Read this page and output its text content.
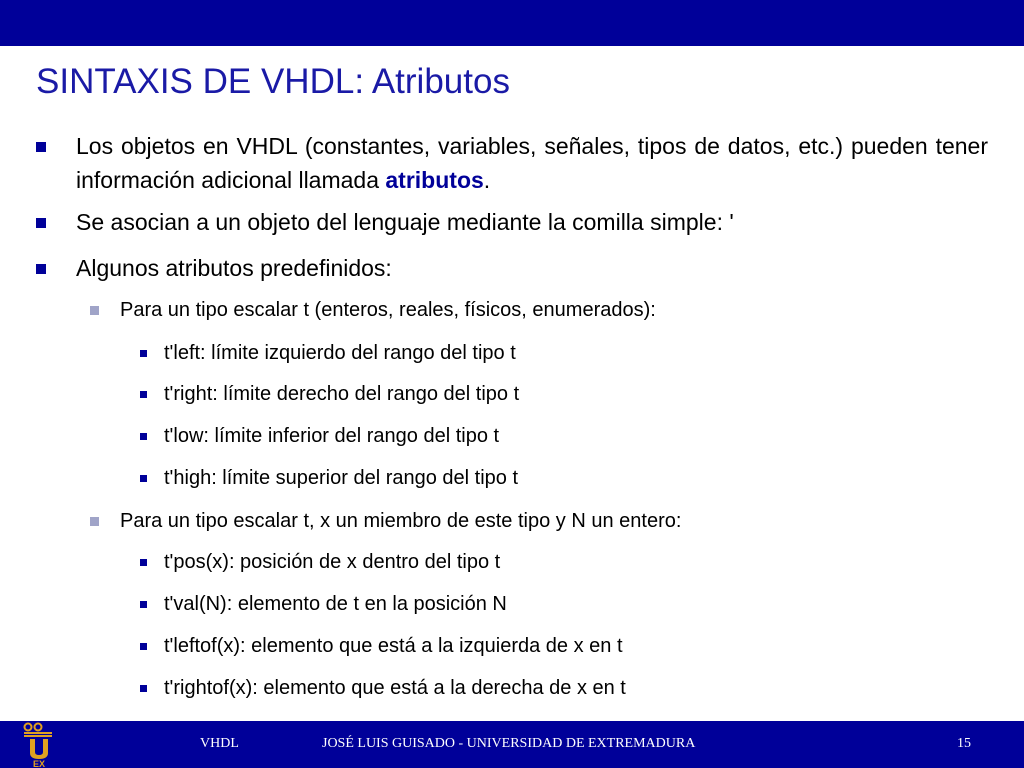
SINTAXIS DE VHDL: Atributos
Los objetos en VHDL (constantes, variables, señales, tipos de datos, etc.) pueden tener información adicional llamada atributos.
Se asocian a un objeto del lenguaje mediante la comilla simple: '
Algunos atributos predefinidos:
Para un tipo escalar t (enteros, reales, físicos, enumerados):
t'left: límite izquierdo del rango del tipo t
t'right: límite derecho del rango del tipo t
t'low: límite inferior del rango del tipo t
t'high: límite superior del rango del tipo t
Para un tipo escalar t, x un miembro de este tipo y N un entero:
t'pos(x): posición de x dentro del tipo t
t'val(N): elemento de t en la posición N
t'leftof(x): elemento que está a la izquierda de x en t
t'rightof(x): elemento que está a la derecha de x en t
VHDL	JOSÉ LUIS GUISADO - UNIVERSIDAD DE EXTREMADURA	15
EX
